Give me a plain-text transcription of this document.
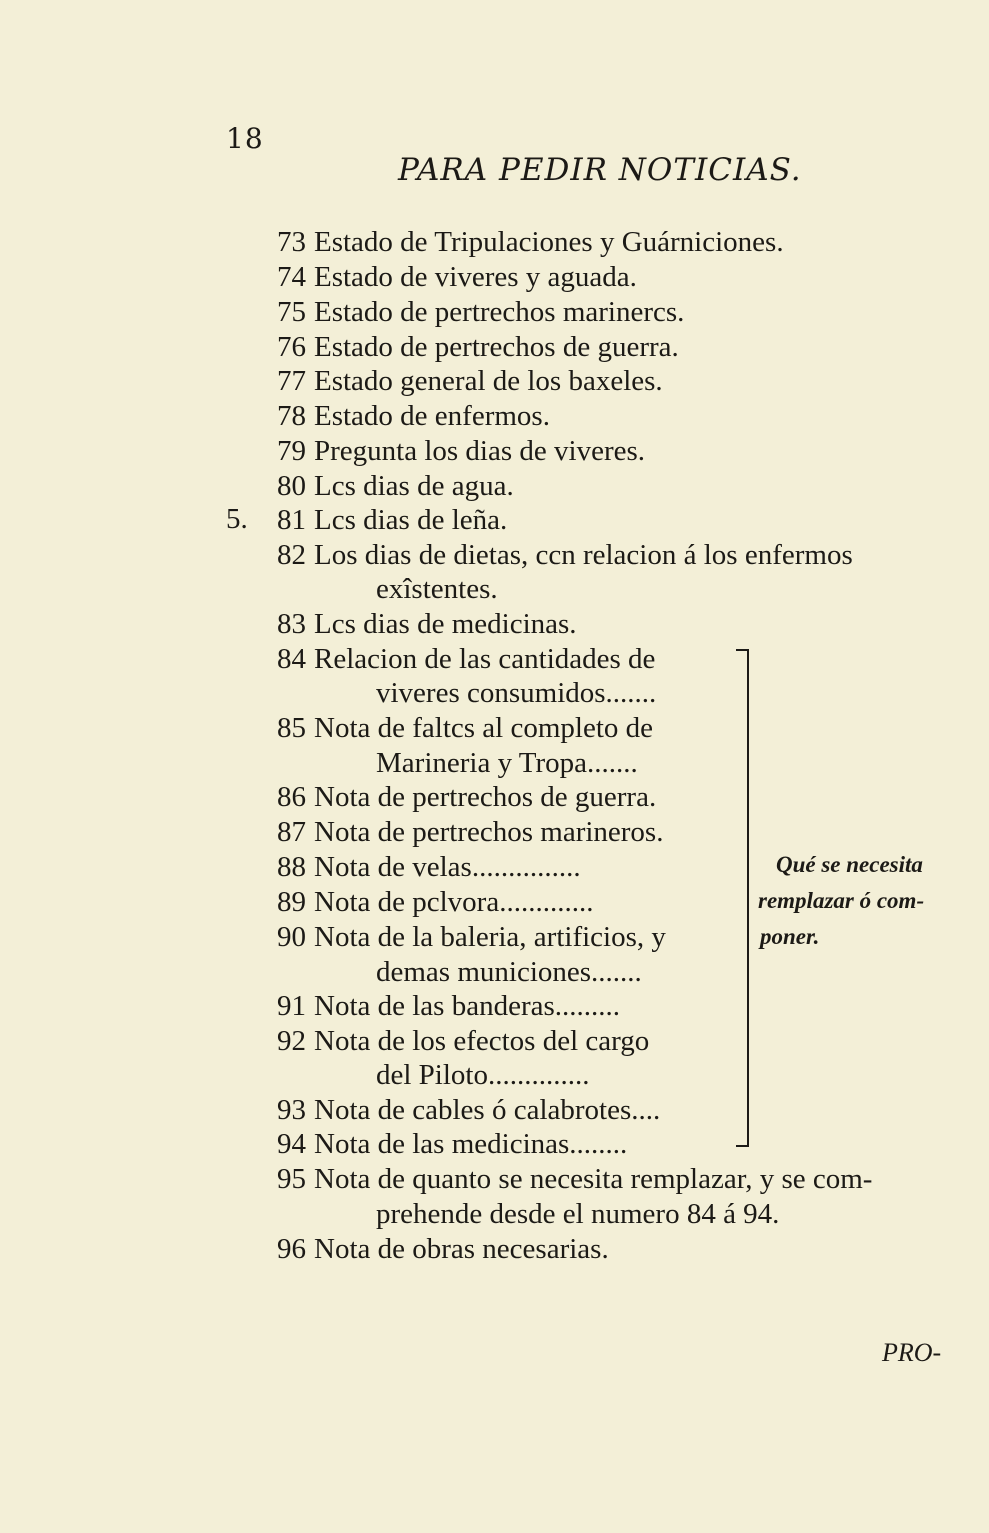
18
PARA PEDIR NOTICIAS.
5.
73 Estado de Tripulaciones y Guárniciones.
74 Estado de viveres y aguada.
75 Estado de pertrechos marinercs.
76 Estado de pertrechos de guerra.
77 Estado general de los baxeles.
78 Estado de enfermos.
79 Pregunta los dias de viveres.
80 Lcs dias de agua.
81 Lcs dias de leña.
82 Los dias de dietas, ccn relacion á los enfermos
exîstentes.
83 Lcs dias de medicinas.
84 Relacion de las cantidades de
viveres consumidos.......
85 Nota de faltcs al completo de
Marineria y Tropa.......
86 Nota de pertrechos de guerra.
87 Nota de pertrechos marineros.
88 Nota de velas...............
89 Nota de pclvora.............
90 Nota de la baleria, artificios, y
demas municiones.......
91 Nota de las banderas.........
92 Nota de los efectos del cargo
del Piloto..............
93 Nota de cables ó calabrotes....
94 Nota de las medicinas........
95 Nota de quanto se necesita remplazar, y se com-
prehende desde el numero 84 á 94.
96 Nota de obras necesarias.
Qué se necesita
remplazar ó com-
poner.
PRO-
